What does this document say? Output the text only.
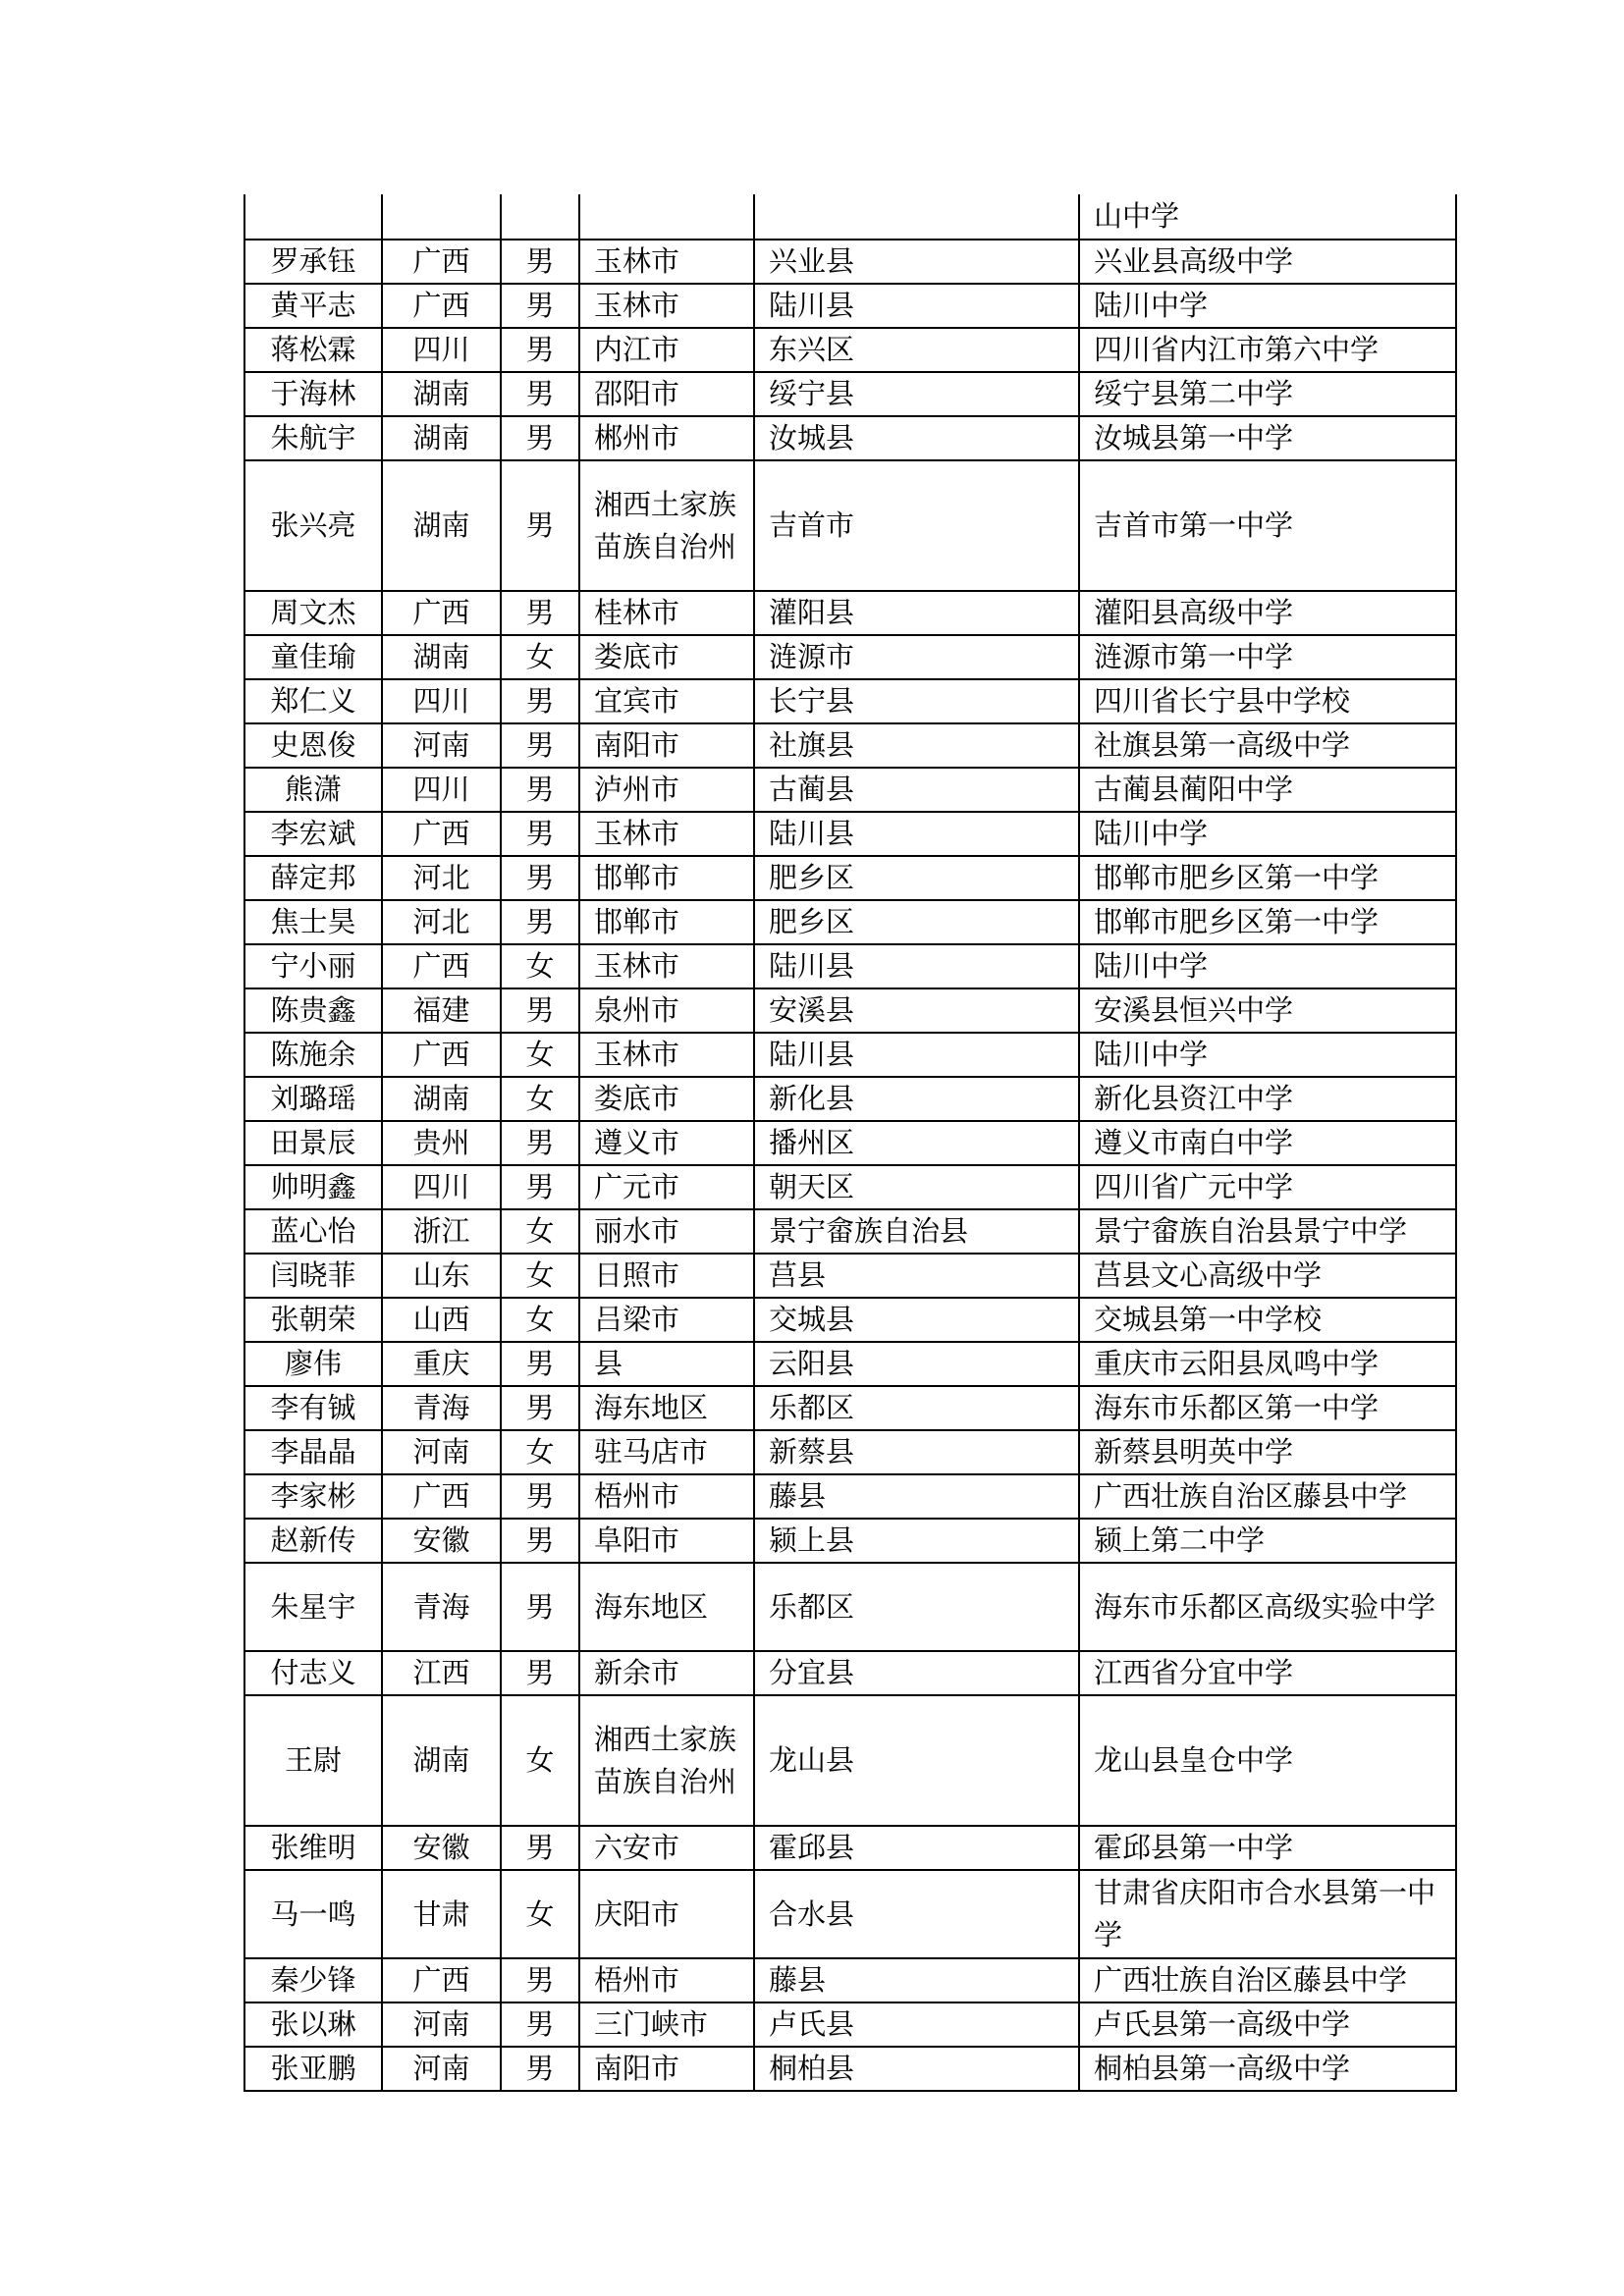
					山中学
罗承钰	广西	男	玉林市	兴业县	兴业县高级中学
黄平志	广西	男	玉林市	陆川县	陆川中学
蒋松霖	四川	男	内江市	东兴区	四川省内江市第六中学
于海林	湖南	男	邵阳市	绥宁县	绥宁县第二中学
朱航宇	湖南	男	郴州市	汝城县	汝城县第一中学
张兴亮	湖南	男	湘西土家族苗族自治州	吉首市	吉首市第一中学
周文杰	广西	男	桂林市	灌阳县	灌阳县高级中学
童佳瑜	湖南	女	娄底市	涟源市	涟源市第一中学
郑仁义	四川	男	宜宾市	长宁县	四川省长宁县中学校
史恩俊	河南	男	南阳市	社旗县	社旗县第一高级中学
熊潇	四川	男	泸州市	古蔺县	古蔺县蔺阳中学
李宏斌	广西	男	玉林市	陆川县	陆川中学
薛定邦	河北	男	邯郸市	肥乡区	邯郸市肥乡区第一中学
焦士昊	河北	男	邯郸市	肥乡区	邯郸市肥乡区第一中学
宁小丽	广西	女	玉林市	陆川县	陆川中学
陈贵鑫	福建	男	泉州市	安溪县	安溪县恒兴中学
陈施余	广西	女	玉林市	陆川县	陆川中学
刘璐瑶	湖南	女	娄底市	新化县	新化县资江中学
田景辰	贵州	男	遵义市	播州区	遵义市南白中学
帅明鑫	四川	男	广元市	朝天区	四川省广元中学
蓝心怡	浙江	女	丽水市	景宁畲族自治县	景宁畲族自治县景宁中学
闫晓菲	山东	女	日照市	莒县	莒县文心高级中学
张朝荣	山西	女	吕梁市	交城县	交城县第一中学校
廖伟	重庆	男	县	云阳县	重庆市云阳县凤鸣中学
李有铖	青海	男	海东地区	乐都区	海东市乐都区第一中学
李晶晶	河南	女	驻马店市	新蔡县	新蔡县明英中学
李家彬	广西	男	梧州市	藤县	广西壮族自治区藤县中学
赵新传	安徽	男	阜阳市	颍上县	颍上第二中学
朱星宇	青海	男	海东地区	乐都区	海东市乐都区高级实验中学
付志义	江西	男	新余市	分宜县	江西省分宜中学
王尉	湖南	女	湘西土家族苗族自治州	龙山县	龙山县皇仓中学
张维明	安徽	男	六安市	霍邱县	霍邱县第一中学
马一鸣	甘肃	女	庆阳市	合水县	甘肃省庆阳市合水县第一中学
秦少锋	广西	男	梧州市	藤县	广西壮族自治区藤县中学
张以琳	河南	男	三门峡市	卢氏县	卢氏县第一高级中学
张亚鹏	河南	男	南阳市	桐柏县	桐柏县第一高级中学
